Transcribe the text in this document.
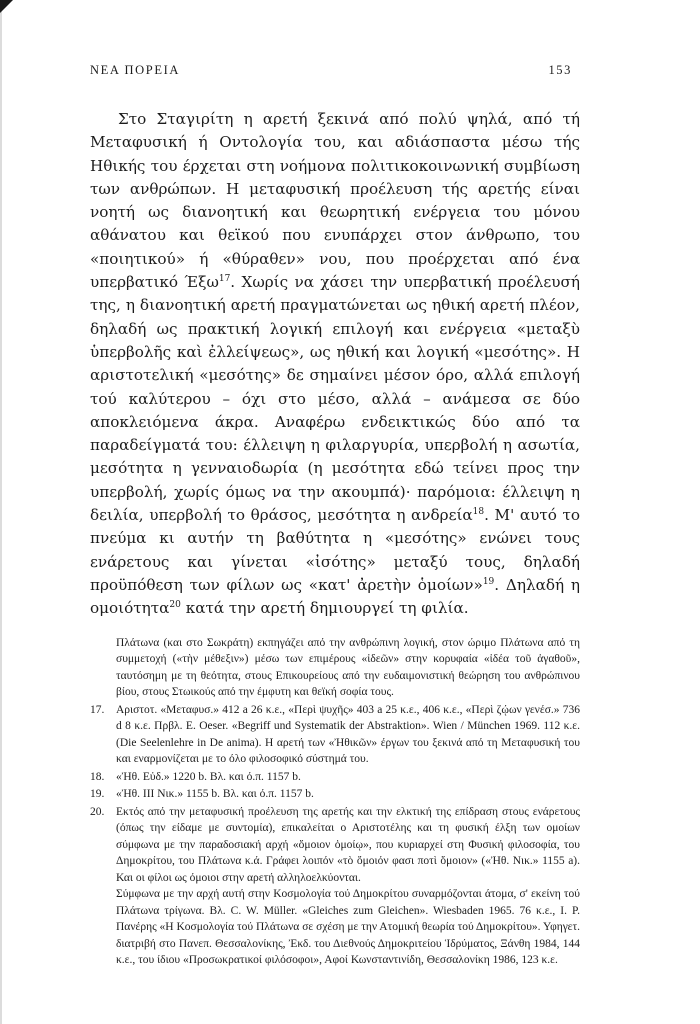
ΝΕΑ ΠΟΡΕΙΑ	153

Στο Σταγιρίτη η αρετή ξεκινά από πολύ ψηλά, από τή Μεταφυσική ή Οντολογία του, και αδιάσπαστα μέσω τής Ηθικής του έρχεται στη νοήμονα πολιτικοκοινωνική συμβίωση των ανθρώπων. Η μεταφυσική προέλευση τής αρετής είναι νοητή ως διανοητική και θεωρητική ενέργεια του μόνου αθάνατου και θεϊκού που ενυπάρχει στον άνθρωπο, του «ποιητικού» ή «θύραθεν» νου, που προέρχεται από ένα υπερβατικό Έξω$^{17}$. Χωρίς να χάσει την υπερβατική προέλευσή της, η διανοητική αρετή πραγματώνεται ως ηθική αρετή πλέον, δηλαδή ως πρακτική λογική επιλογή και ενέργεια «μεταξὺ ὑπερβολῆς καὶ ἐλλείψεως», ως ηθική και λογική «μεσότης». Η αριστοτελική «μεσότης» δε σημαίνει μέσον όρο, αλλά επιλογή τού καλύτερου – όχι στο μέσο, αλλά – ανάμεσα σε δύο αποκλειόμενα άκρα. Αναφέρω ενδεικτικώς δύο από τα παραδείγματά του: έλλειψη η φιλαργυρία, υπερβολή η ασωτία, μεσότητα η γενναιοδωρία (η μεσότητα εδώ τείνει προς την υπερβολή, χωρίς όμως να την ακουμπά)· παρόμοια: έλλειψη η δειλία, υπερβολή το θράσος, μεσότητα η ανδρεία$^{18}$. Μ' αυτό το πνεύμα κι αυτήν τη βαθύτητα η «μεσότης» ενώνει τους ενάρετους και γίνεται «ἰσότης» μεταξύ τους, δηλαδή προϋπόθεση των φίλων ως «κατ' ἀρετὴν ὁμοίων»$^{19}$. Δηλαδή η ομοιότητα$^{20}$ κατά την αρετή δημιουργεί τη φιλία.

Πλάτωνα (και στο Σωκράτη) εκπηγάζει από την ανθρώπινη λογική, στον ώριμο Πλάτωνα από τη συμμετοχή («τὴν μέθεξιν») μέσω των επιμέρους «ἰδεῶν» στην κορυφαία «ἰδέα τοῦ ἀγαθοῦ», ταυτόσημη με τη θεότητα, στους Επικουρείους από την ευδαιμονιστική θεώρηση του ανθρώπινου βίου, στους Στωικούς από την έμφυτη και θεϊκή σοφία τους.
17.	Αριστοτ. «Μεταφυσ.» 412 a 26 κ.ε., «Περὶ ψυχῆς» 403 a 25 κ.ε., 406 κ.ε., «Περὶ ζῴων γενέσ.» 736 d 8 κ.ε. Πρβλ. E. Oeser. «Begriff und Systematik der Abstraktion». Wien / München 1969. 112 κ.ε. (Die Seelenlehre in De anima). Η αρετή των «Ἠθικῶν» έργων του ξεκινά από τη Μεταφυσική του και εναρμονίζεται με το όλο φιλοσοφικό σύστημά του.
18.	«Ἠθ. Εὐδ.» 1220 b. Βλ. και ό.π. 1157 b.
19.	«Ἠθ. ΙΙΙ Νικ.» 1155 b. Βλ. και ό.π. 1157 b.
20.	Εκτός από την μεταφυσική προέλευση της αρετής και την ελκτική της επίδραση στους ενάρετους (όπως την είδαμε με συντομία), επικαλείται ο Αριστοτέλης και τη φυσική έλξη των ομοίων σύμφωνα με την παραδοσιακή αρχή «ὅμοιον ὁμοίῳ», που κυριαρχεί στη Φυσική φιλοσοφία, του Δημοκρίτου, του Πλάτωνα κ.ά. Γράφει λοιπόν «τὸ ὅμοιόν φασι ποτὶ ὅμοιον» («Ἠθ. Νικ.» 1155 a). Και οι φίλοι ως όμοιοι στην αρετή αλληλοελκύονται.

Σύμφωνα με την αρχή αυτή στην Κοσμολογία τού Δημοκρίτου συναρμόζονται άτομα, σ' εκείνη τού Πλάτωνα τρίγωνα. Βλ. C. W. Müller. «Gleiches zum Gleichen». Wiesbaden 1965. 76 κ.ε., I. P. Πανέρης «Η Κοσμολογία τού Πλάτωνα σε σχέση με την Ατομική θεωρία τού Δημοκρίτου». Υφηγετ. διατριβή στο Πανεπ. Θεσσαλονίκης, Ἐκδ. του Διεθνούς Δημοκριτείου Ἱδρύματος, Ξάνθη 1984, 144 κ.ε., του ίδιου «Προσωκρατικοί φιλόσοφοι», Αφοί Κωνσταντινίδη, Θεσσαλονίκη 1986, 123 κ.ε.
